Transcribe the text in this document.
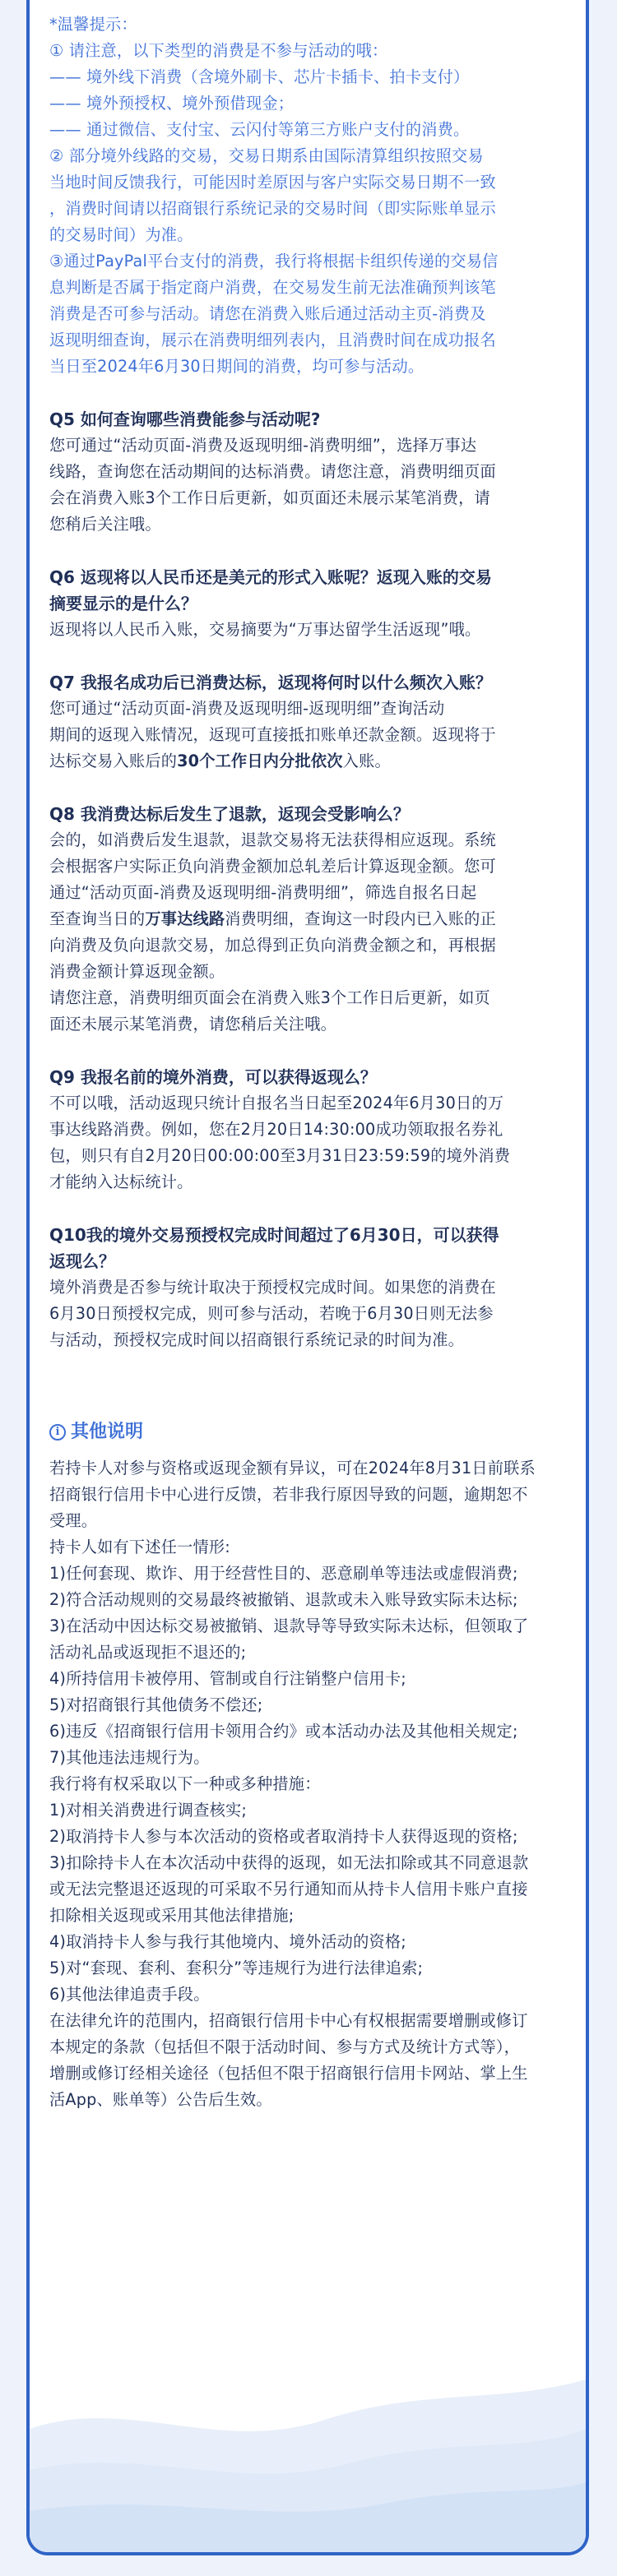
*温馨提示：

① 请注意，以下类型的消费是不参与活动的哦：

—— 境外线下消费（含境外刷卡、芯片卡插卡、拍卡支付）

—— 境外预授权、境外预借现金；

—— 通过微信、支付宝、云闪付等第三方账户支付的消费。

② 部分境外线路的交易，交易日期系由国际清算组织按照交易

当地时间反馈我行，可能因时差原因与客户实际交易日期不一致

，消费时间请以招商银行系统记录的交易时间（即实际账单显示

的交易时间）为准。

③通过PayPal平台支付的消费，我行将根据卡组织传递的交易信

息判断是否属于指定商户消费，在交易发生前无法准确预判该笔

消费是否可参与活动。请您在消费入账后通过活动主页-消费及

返现明细查询，展示在消费明细列表内，且消费时间在成功报名

当日至2024年6月30日期间的消费，均可参与活动。

Q5 如何查询哪些消费能参与活动呢?

您可通过“活动页面-消费及返现明细-消费明细”，选择万事达

线路，查询您在活动期间的达标消费。请您注意，消费明细页面

会在消费入账3个工作日后更新，如页面还未展示某笔消费，请

您稍后关注哦。

Q6 返现将以人民币还是美元的形式入账呢？返现入账的交易

摘要显示的是什么？

返现将以人民币入账，交易摘要为“万事达留学生活返现”哦。

Q7 我报名成功后已消费达标，返现将何时以什么频次入账？

您可通过“活动页面-消费及返现明细-返现明细”查询活动

期间的返现入账情况，返现可直接抵扣账单还款金额。返现将于

达标交易入账后的30个工作日内分批依次入账。

Q8 我消费达标后发生了退款，返现会受影响么？

会的，如消费后发生退款，退款交易将无法获得相应返现。系统

会根据客户实际正负向消费金额加总轧差后计算返现金额。您可

通过“活动页面-消费及返现明细-消费明细”，筛选自报名日起

至查询当日的万事达线路消费明细，查询这一时段内已入账的正

向消费及负向退款交易，加总得到正负向消费金额之和，再根据

消费金额计算返现金额。

请您注意，消费明细页面会在消费入账3个工作日后更新，如页

面还未展示某笔消费，请您稍后关注哦。

Q9 我报名前的境外消费，可以获得返现么？

不可以哦，活动返现只统计自报名当日起至2024年6月30日的万

事达线路消费。例如，您在2月20日14:30:00成功领取报名券礼

包，则只有自2月20日00:00:00至3月31日23:59:59的境外消费

才能纳入达标统计。

Q10我的境外交易预授权完成时间超过了6月30日，可以获得

返现么？

境外消费是否参与统计取决于预授权完成时间。如果您的消费在

6月30日预授权完成，则可参与活动，若晚于6月30日则无法参

与活动，预授权完成时间以招商银行系统记录的时间为准。

i 其他说明

若持卡人对参与资格或返现金额有异议，可在2024年8月31日前联系

招商银行信用卡中心进行反馈，若非我行原因导致的问题，逾期恕不

受理。

持卡人如有下述任一情形:

1)任何套现、欺诈、用于经营性目的、恶意刷单等违法或虚假消费;

2)符合活动规则的交易最终被撤销、退款或未入账导致实际未达标;

3)在活动中因达标交易被撤销、退款导等导致实际未达标，但领取了

活动礼品或返现拒不退还的;

4)所持信用卡被停用、管制或自行注销整户信用卡;

5)对招商银行其他债务不偿还;

6)违反《招商银行信用卡领用合约》或本活动办法及其他相关规定;

7)其他违法违规行为。

我行将有权采取以下一种或多种措施：

1)对相关消费进行调查核实;

2)取消持卡人参与本次活动的资格或者取消持卡人获得返现的资格;

3)扣除持卡人在本次活动中获得的返现，如无法扣除或其不同意退款

或无法完整退还返现的可采取不另行通知而从持卡人信用卡账户直接

扣除相关返现或采用其他法律措施;

4)取消持卡人参与我行其他境内、境外活动的资格;

5)对“套现、套利、套积分”等违规行为进行法律追索;

6)其他法律追责手段。

在法律允许的范围内，招商银行信用卡中心有权根据需要增删或修订

本规定的条款（包括但不限于活动时间、参与方式及统计方式等），

增删或修订经相关途径（包括但不限于招商银行信用卡网站、掌上生

活App、账单等）公告后生效。
